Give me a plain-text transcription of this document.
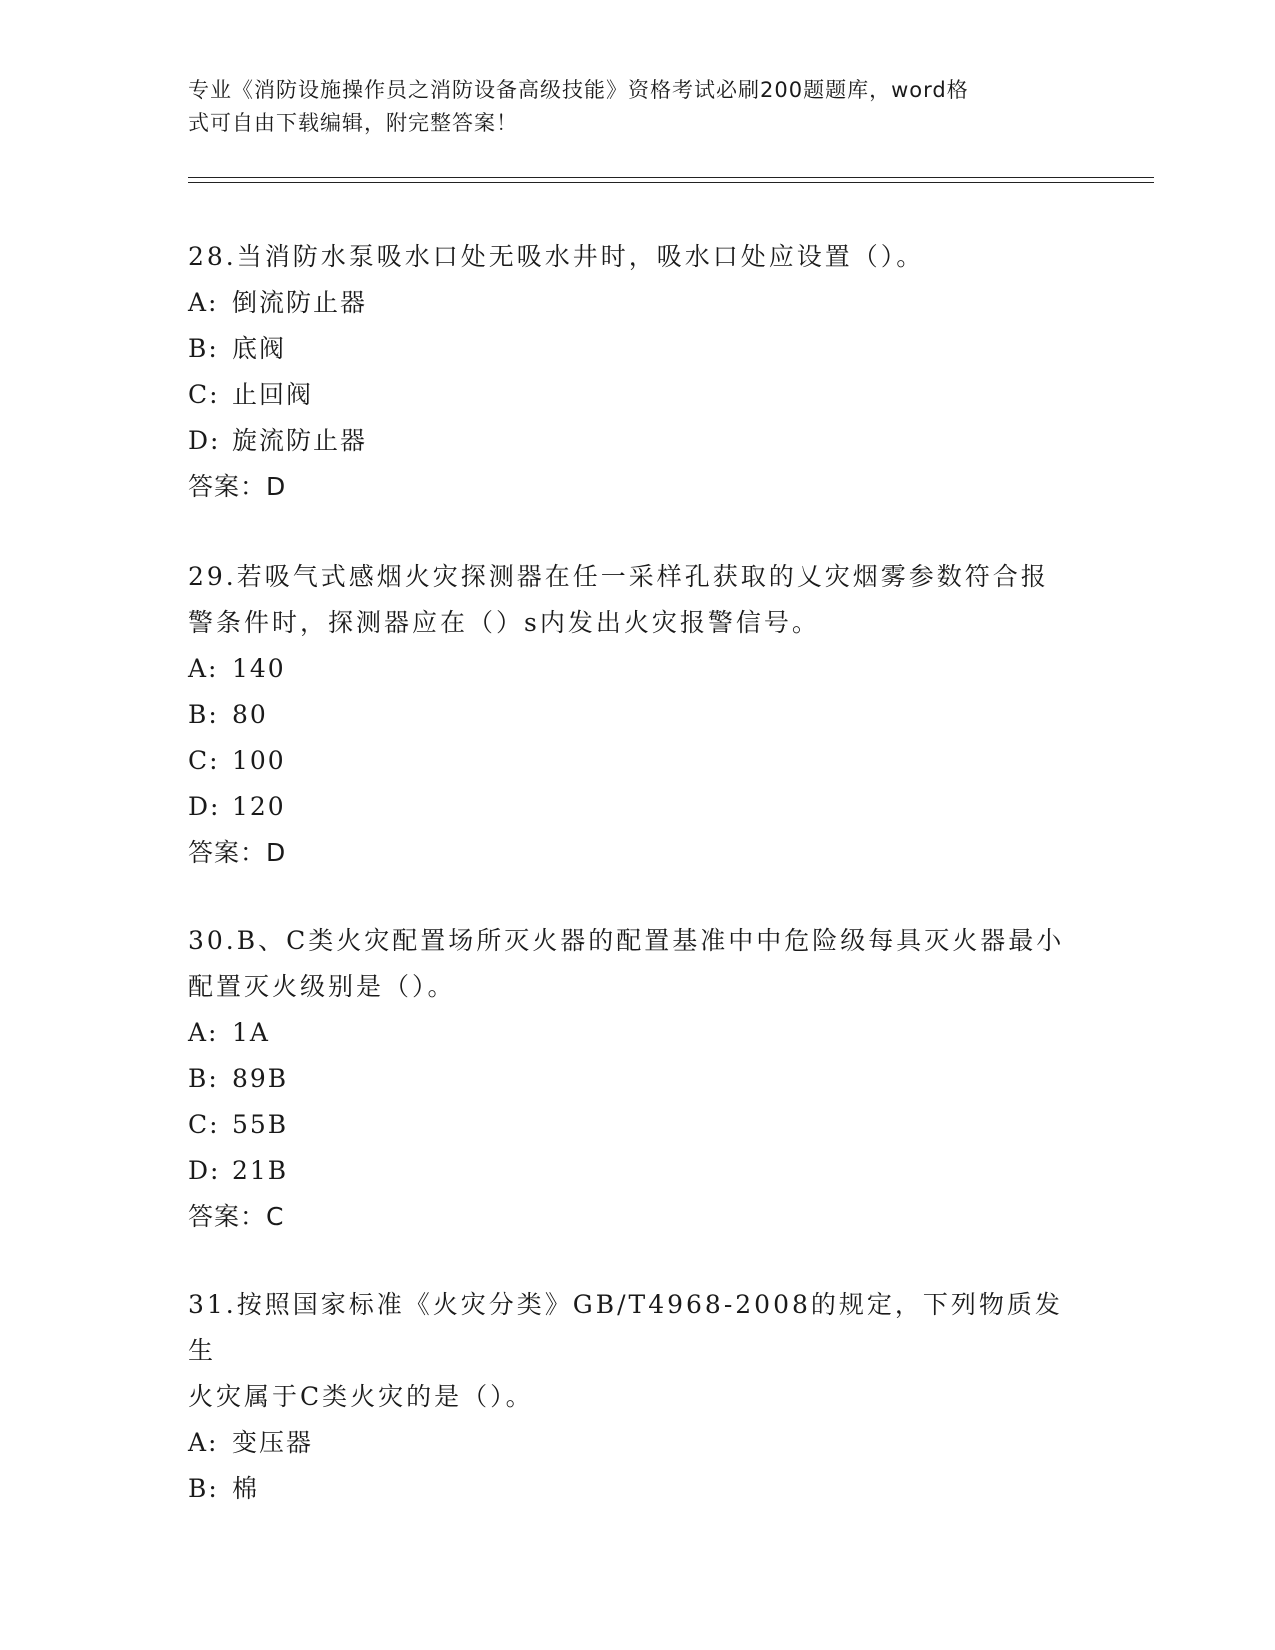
专业《消防设施操作员之消防设备高级技能》资格考试必刷200题题库，word格
式可自由下载编辑，附完整答案！
28.当消防水泵吸水口处无吸水井时，吸水口处应设置（）。
A: 倒流防止器
B: 底阀
C: 止回阀
D: 旋流防止器
答案：D
29.若吸气式感烟火灾探测器在任一采样孔获取的乂灾烟雾参数符合报
警条件时，探测器应在（）s内发出火灾报警信号。
A: 140
B: 80
C: 100
D: 120
答案：D
30.B、C类火灾配置场所灭火器的配置基准中中危险级每具灭火器最小
配置灭火级别是（）。
A: 1A
B: 89B
C: 55B
D: 21B
答案：C
31.按照国家标准《火灾分类》GB/T4968-2008的规定，下列物质发生
火灾属于C类火灾的是（）。
A: 变压器
B: 棉
